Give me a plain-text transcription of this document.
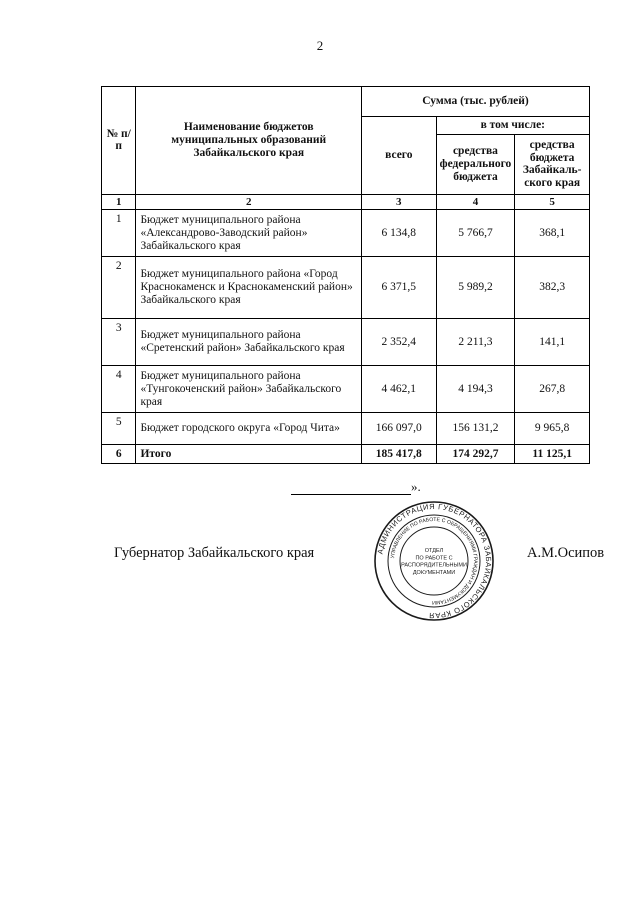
2
№ п/п	Наименование бюджетов муниципальных образований Забайкальского края	Сумма (тыс. рублей)		
		всего	в том числе:	
			средства федерального бюджета	средства бюджета Забайкаль-ского края
1	2	3	4	5
1	Бюджет муниципального района «Александрово-Заводский район» Забайкальского края	6 134,8	5 766,7	368,1
2	Бюджет муниципального района «Город Краснокаменск и Краснокаменский район» Забайкальского края	6 371,5	5 989,2	382,3
3	Бюджет муниципального района «Сретенский район» Забайкальского края	2 352,4	2 211,3	141,1
4	Бюджет муниципального района «Тунгокоченский район» Забайкальского края	4 462,1	4 194,3	267,8
5	Бюджет городского округа «Город Чита»	166 097,0	156 131,2	9 965,8
6	Итого	185 417,8	174 292,7	11 125,1
».
Губернатор Забайкальского края	А.М.Осипов
АДМИНИСТРАЦИЯ ГУБЕРНАТОРА ЗАБАЙКАЛЬСКОГО КРАЯ
УПРАВЛЕНИЕ ПО РАБОТЕ С ОБРАЩЕНИЯМИ ГРАЖДАН И ДОКУМЕНТАМИ
ОТДЕЛ
ПО РАБОТЕ С
РАСПОРЯДИТЕЛЬНЫМИ
ДОКУМЕНТАМИ
